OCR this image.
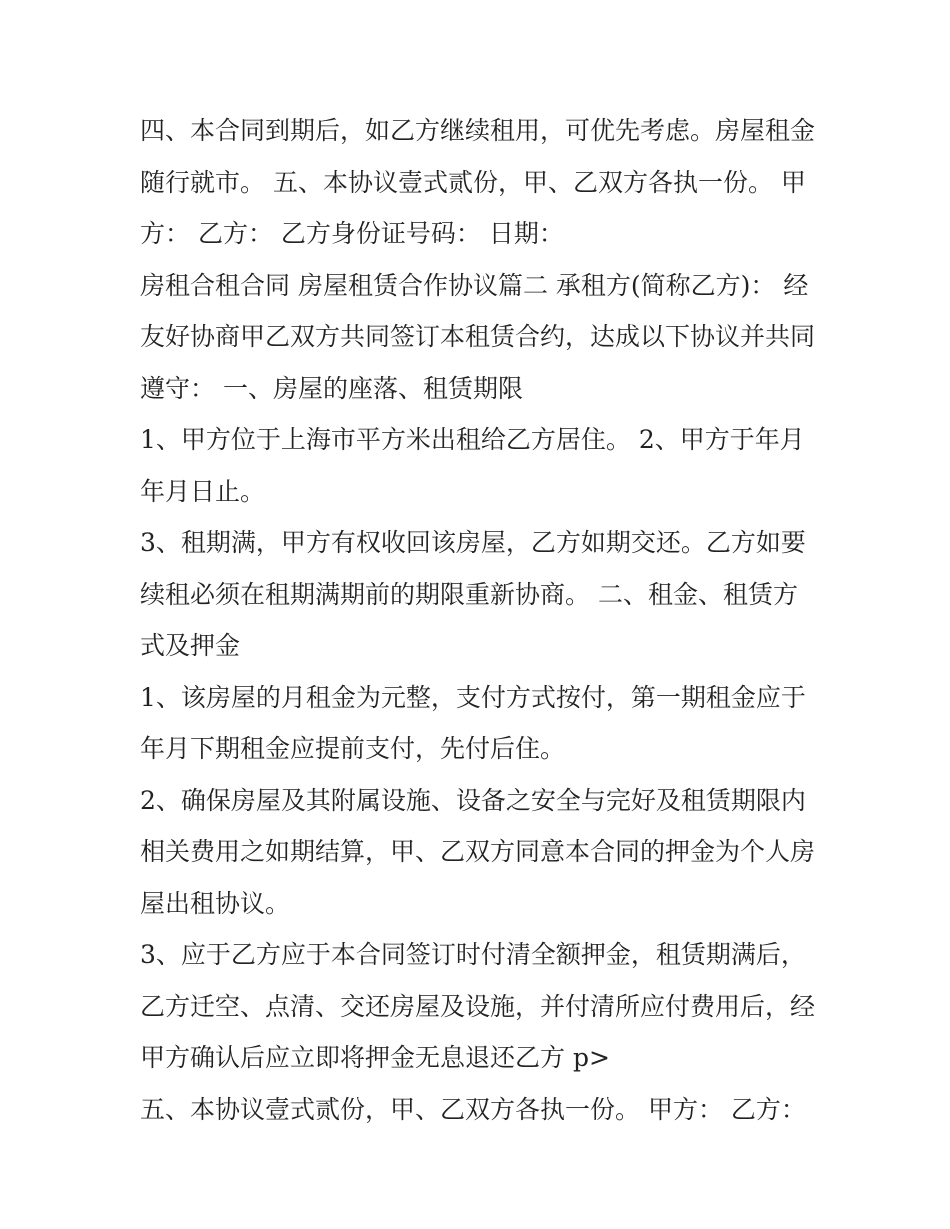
四、本合同到期后，如乙方继续租用，可优先考虑。房屋租金
随行就市。 五、本协议壹式贰份，甲、乙双方各执一份。 甲
方： 乙方： 乙方身份证号码： 日期：
房租合租合同 房屋租赁合作协议篇二 承租方(简称乙方)： 经
友好协商甲乙双方共同签订本租赁合约，达成以下协议并共同
遵守： 一、房屋的座落、租赁期限
1、甲方位于上海市平方米出租给乙方居住。 2、甲方于年月
年月日止。
3、租期满，甲方有权收回该房屋，乙方如期交还。乙方如要
续租必须在租期满期前的期限重新协商。 二、租金、租赁方
式及押金
1、该房屋的月租金为元整，支付方式按付，第一期租金应于
年月下期租金应提前支付，先付后住。
2、确保房屋及其附属设施、设备之安全与完好及租赁期限内
相关费用之如期结算，甲、乙双方同意本合同的押金为个人房
屋出租协议。
3、应于乙方应于本合同签订时付清全额押金，租赁期满后，
乙方迁空、点清、交还房屋及设施，并付清所应付费用后，经
甲方确认后应立即将押金无息退还乙方 p>
五、本协议壹式贰份，甲、乙双方各执一份。 甲方： 乙方：
